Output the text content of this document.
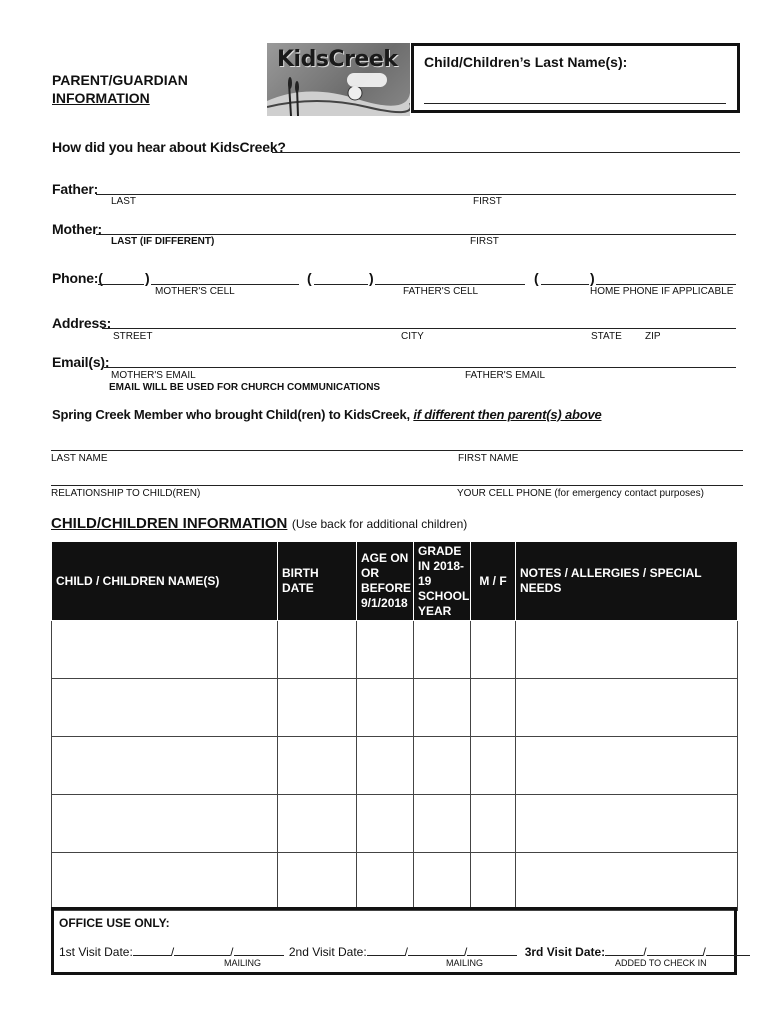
PARENT/GUARDIAN
INFORMATION
KidsCreek Child/Children’s Last Name(s):
How did you hear about KidsCreek?
Father:
LAST	FIRST
Mother:
LAST (IF DIFFERENT)	FIRST
Phone:(	)	(	)	(	)
MOTHER'S CELL	FATHER'S CELL	HOME PHONE IF APPLICABLE
Address:
STREET	CITY	STATE ZIP
Email(s):
MOTHER'S EMAIL	FATHER'S EMAIL
EMAIL WILL BE USED FOR CHURCH COMMUNICATIONS
Spring Creek Member who brought Child(ren) to KidsCreek, if different then parent(s) above
LAST NAME	FIRST NAME
RELATIONSHIP TO CHILD(REN)	YOUR CELL PHONE (for emergency contact purposes)
CHILD/CHILDREN INFORMATION (Use back for additional children)
CHILD / CHILDREN NAME(S)	BIRTH DATE	AGE ON OR BEFORE 9/1/2018	GRADE IN 2018-19 SCHOOL YEAR	M / F	NOTES / ALLERGIES / SPECIAL NEEDS

OFFICE USE ONLY:
1st Visit Date:	/	/	2nd Visit Date:	/	/	3rd Visit Date:	/	/
MAILING	MAILING	ADDED TO CHECK IN
